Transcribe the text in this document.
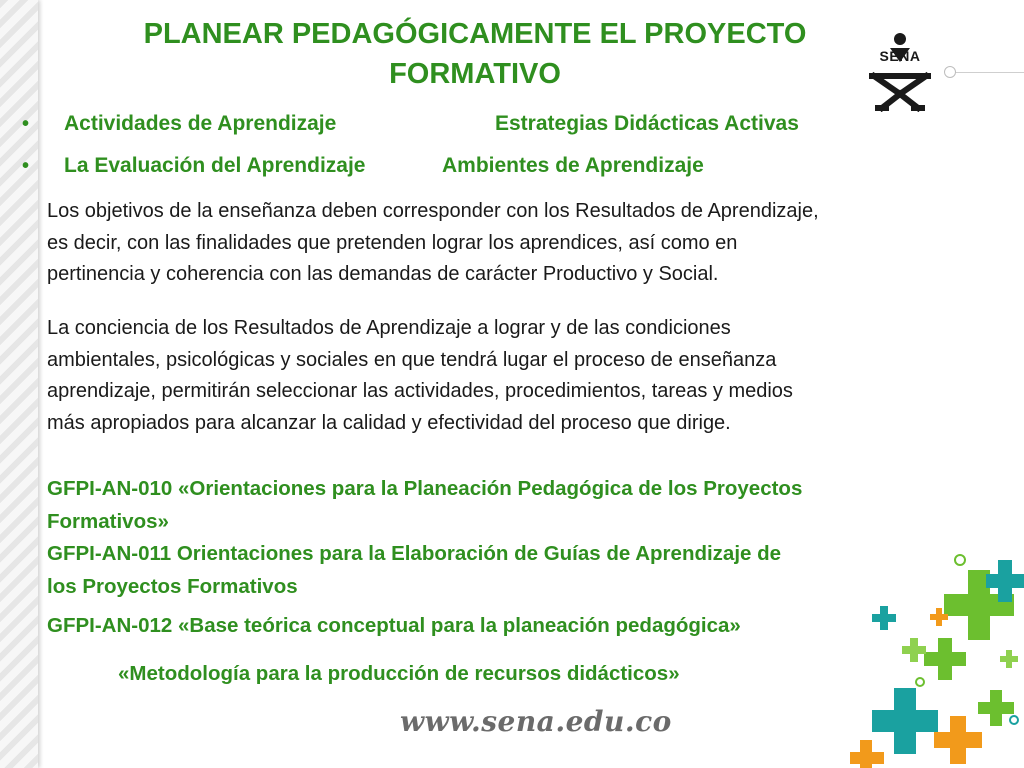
PLANEAR PEDAGÓGICAMENTE EL PROYECTO
FORMATIVO
SENA
• Actividades de Aprendizaje	Estrategias Didácticas Activas
• La Evaluación del Aprendizaje	Ambientes de Aprendizaje
Los objetivos de la enseñanza deben corresponder con los Resultados de Aprendizaje,
es decir, con las finalidades que pretenden lograr los aprendices, así como en
pertinencia y coherencia con las demandas de carácter Productivo y Social.
La conciencia de los Resultados de Aprendizaje a lograr y de las condiciones
ambientales, psicológicas y sociales en que tendrá lugar el proceso de enseñanza
aprendizaje, permitirán seleccionar las actividades, procedimientos, tareas y medios
más apropiados para alcanzar la calidad y efectividad del proceso que dirige.
GFPI-AN-010 «Orientaciones para la Planeación Pedagógica de los Proyectos
Formativos»
GFPI-AN-011 Orientaciones para la Elaboración de Guías de Aprendizaje de
los Proyectos Formativos
GFPI-AN-012 «Base teórica conceptual para la planeación pedagógica»
«Metodología para la producción de recursos didácticos»
www.sena.edu.co
